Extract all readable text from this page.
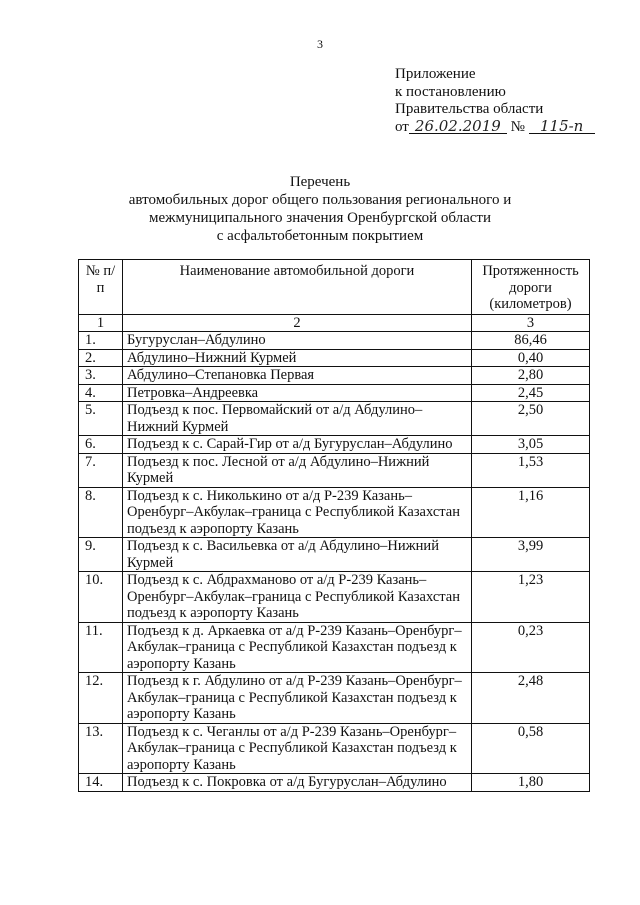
3
Приложение
к постановлению
Правительства области
от 26.02.2019 № 115-п
Перечень
автомобильных дорог общего пользования регионального и
межмуниципального значения Оренбургской области
с асфальтобетонным покрытием
№ п/п	Наименование автомобильной дороги	Протяженность дороги (километров)
1	2	3
1.	Бугуруслан–Абдулино	86,46
2.	Абдулино–Нижний Курмей	0,40
3.	Абдулино–Степановка Первая	2,80
4.	Петровка–Андреевка	2,45
5.	Подъезд к пос. Первомайский от а/д Абдулино–Нижний Курмей	2,50
6.	Подъезд к с. Сарай-Гир от а/д Бугуруслан–Абдулино	3,05
7.	Подъезд к пос. Лесной от а/д Абдулино–Нижний Курмей	1,53
8.	Подъезд к с. Николькино от а/д Р-239 Казань–Оренбург–Акбулак–граница с Республикой Казахстан подъезд к аэропорту Казань	1,16
9.	Подъезд к с. Васильевка от а/д Абдулино–Нижний Курмей	3,99
10.	Подъезд к с. Абдрахманово от а/д Р-239 Казань–Оренбург–Акбулак–граница с Республикой Казахстан подъезд к аэропорту Казань	1,23
11.	Подъезд к д. Аркаевка от а/д Р-239 Казань–Оренбург–Акбулак–граница с Республикой Казахстан подъезд к аэропорту Казань	0,23
12.	Подъезд к г. Абдулино от а/д Р-239 Казань–Оренбург–Акбулак–граница с Республикой Казахстан подъезд к аэропорту Казань	2,48
13.	Подъезд к с. Чеганлы от а/д Р-239 Казань–Оренбург–Акбулак–граница с Республикой Казахстан подъезд к аэропорту Казань	0,58
14.	Подъезд к с. Покровка от а/д Бугуруслан–Абдулино	1,80
